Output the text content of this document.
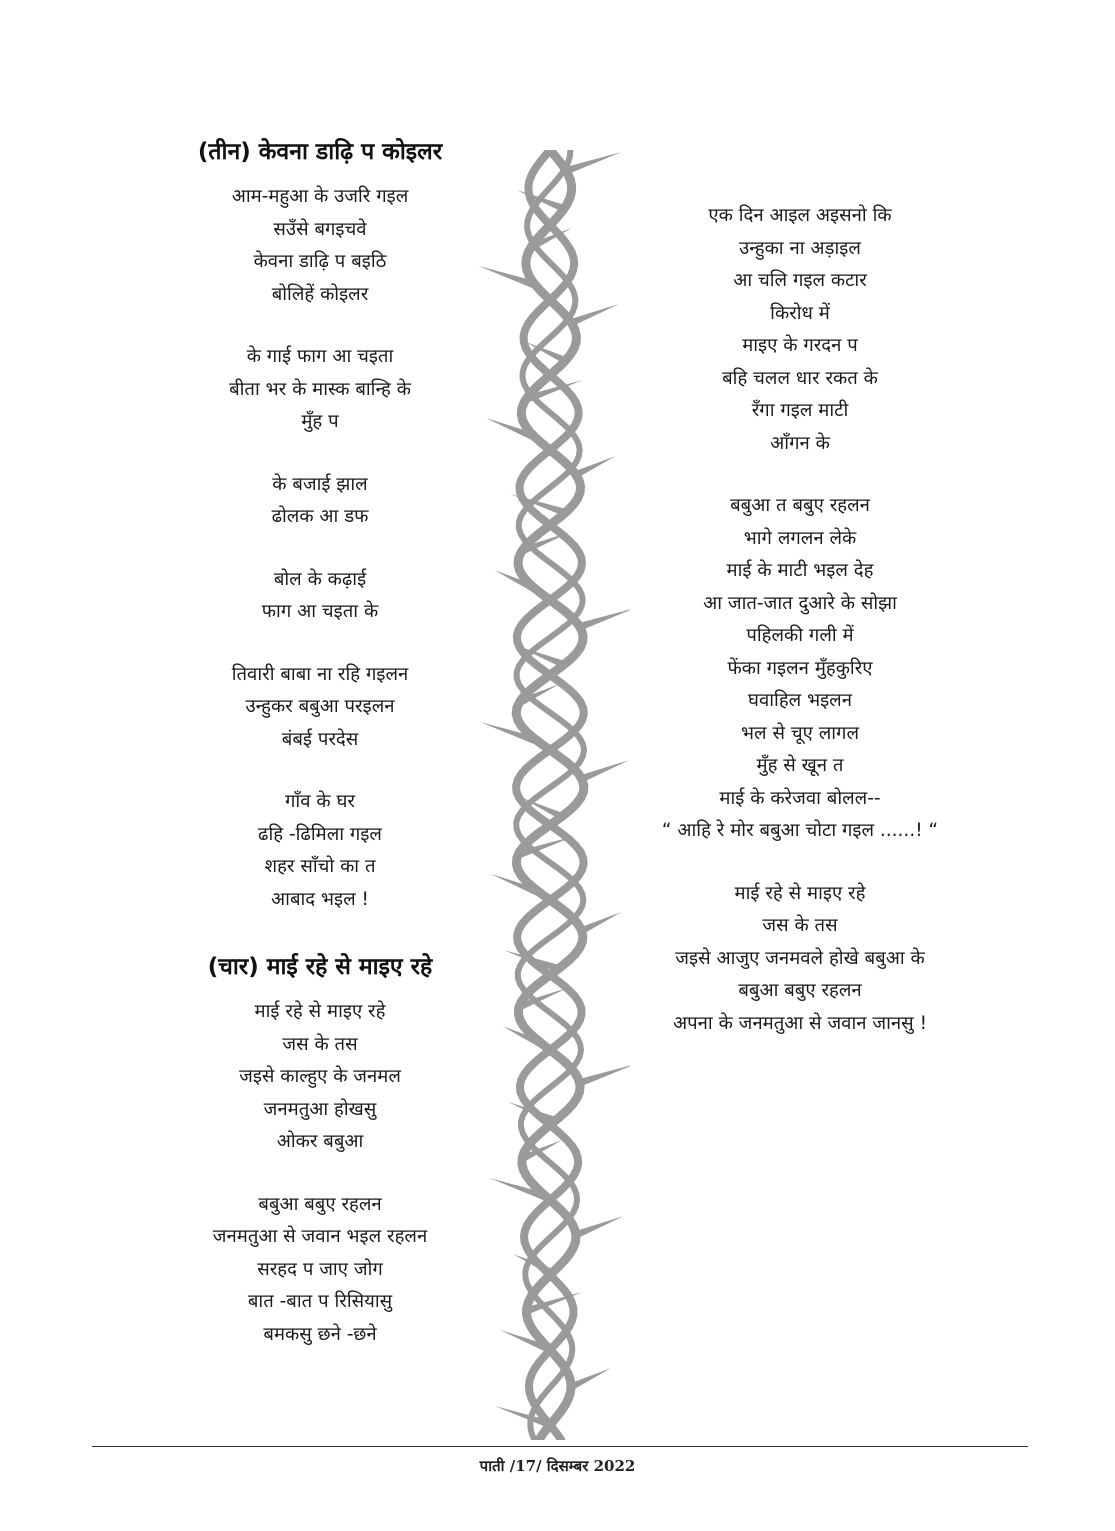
(तीन) केवना डाढ़ि प कोइलर
आम-महुआ के उजरि गइल
सउँसे बगइचवे
केवना डाढ़ि प बइठि
बोलिहें कोइलर
के गाई फाग आ चइता
बीता भर के मास्क बान्हि के
मुँह प
के बजाई झाल
ढोलक आ डफ
बोल के कढ़ाई
फाग आ चइता के
तिवारी बाबा ना रहि गइलन
उन्हुकर बबुआ परइलन
बंबई परदेस
गाँव के घर
ढहि -ढिमिला गइल
शहर साँचो का त
आबाद भइल !
(चार) माई रहे से माइए रहे
माई रहे से माइए रहे
जस के तस
जइसे काल्हुए के जनमल
जनमतुआ होखसु
ओकर बबुआ
बबुआ बबुए रहलन
जनमतुआ से जवान भइल रहलन
सरहद प जाए जोग
बात -बात प रिसियासु
बमकसु छने -छने
एक दिन आइल अइसनो कि
उन्हुका ना अड़ाइल
आ चलि गइल कटार
किरोध में
माइए के गरदन प
बहि चलल धार रकत के
रँगा गइल माटी
आँगन के
बबुआ त बबुए रहलन
भागे लगलन लेके
माई के माटी भइल देह
आ जात-जात दुआरे के सोझा
पहिलकी गली में
फेंका गइलन मुँहकुरिए
घवाहिल भइलन
भल से चूए लागल
मुँह से खून त
माई के करेजवा बोलल--
“ आहि रे मोर बबुआ चोटा गइल ......! “
माई रहे से माइए रहे
जस के तस
जइसे आजुए जनमवले होखे बबुआ के
बबुआ बबुए रहलन
अपना के जनमतुआ से जवान जानसु !
पाती /17/ दिसम्बर 2022
